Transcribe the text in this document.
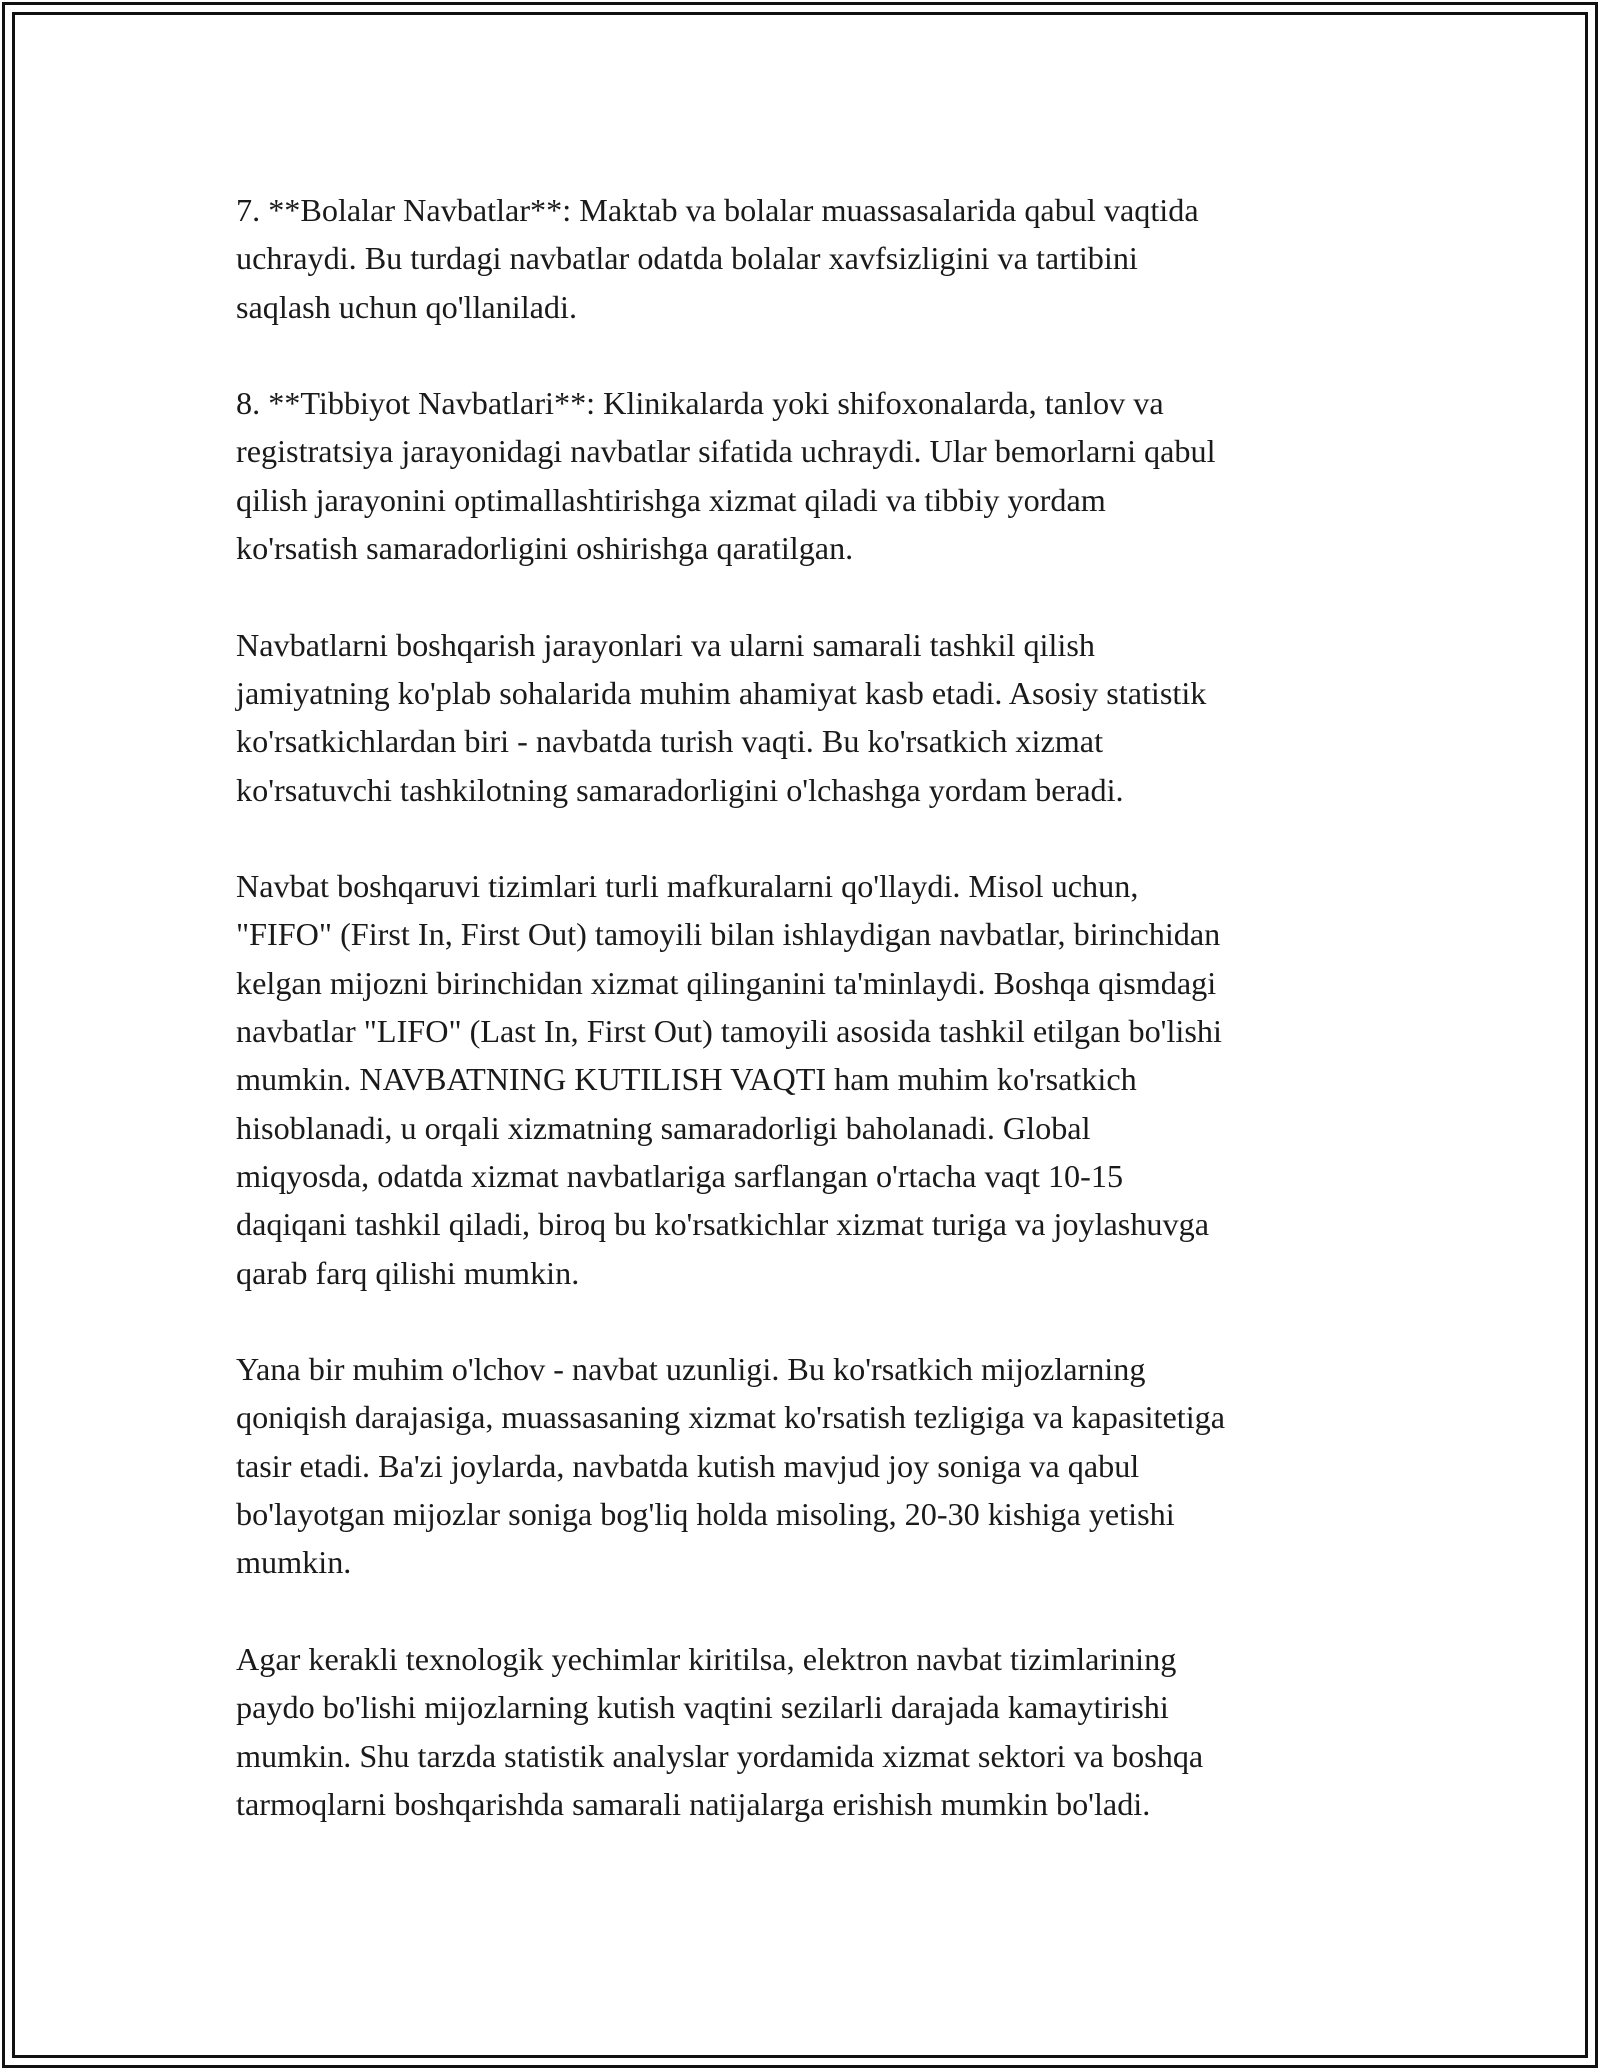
7. **Bolalar Navbatlar**: Maktab va bolalar muassasalarida qabul vaqtida
uchraydi. Bu turdagi navbatlar odatda bolalar xavfsizligini va tartibini
saqlash uchun qo'llaniladi.

8. **Tibbiyot Navbatlari**: Klinikalarda yoki shifoxonalarda, tanlov va
registratsiya jarayonidagi navbatlar sifatida uchraydi. Ular bemorlarni qabul
qilish jarayonini optimallashtirishga xizmat qiladi va tibbiy yordam
ko'rsatish samaradorligini oshirishga qaratilgan.

Navbatlarni boshqarish jarayonlari va ularni samarali tashkil qilish
jamiyatning ko'plab sohalarida muhim ahamiyat kasb etadi. Asosiy statistik
ko'rsatkichlardan biri - navbatda turish vaqti. Bu ko'rsatkich xizmat
ko'rsatuvchi tashkilotning samaradorligini o'lchashga yordam beradi.

Navbat boshqaruvi tizimlari turli mafkuralarni qo'llaydi. Misol uchun,
"FIFO" (First In, First Out) tamoyili bilan ishlaydigan navbatlar, birinchidan
kelgan mijozni birinchidan xizmat qilinganini ta'minlaydi. Boshqa qismdagi
navbatlar "LIFO" (Last In, First Out) tamoyili asosida tashkil etilgan bo'lishi
mumkin. NAVBATNING KUTILISH VAQTI ham muhim ko'rsatkich
hisoblanadi, u orqali xizmatning samaradorligi baholanadi. Global
miqyosda, odatda xizmat navbatlariga sarflangan o'rtacha vaqt 10-15
daqiqani tashkil qiladi, biroq bu ko'rsatkichlar xizmat turiga va joylashuvga
qarab farq qilishi mumkin.

Yana bir muhim o'lchov - navbat uzunligi. Bu ko'rsatkich mijozlarning
qoniqish darajasiga, muassasaning xizmat ko'rsatish tezligiga va kapasitetiga
tasir etadi. Ba'zi joylarda, navbatda kutish mavjud joy soniga va qabul
bo'layotgan mijozlar soniga bog'liq holda misoling, 20-30 kishiga yetishi
mumkin.

Agar kerakli texnologik yechimlar kiritilsa, elektron navbat tizimlarining
paydo bo'lishi mijozlarning kutish vaqtini sezilarli darajada kamaytirishi
mumkin. Shu tarzda statistik analyslar yordamida xizmat sektori va boshqa
tarmoqlarni boshqarishda samarali natijalarga erishish mumkin bo'ladi.
